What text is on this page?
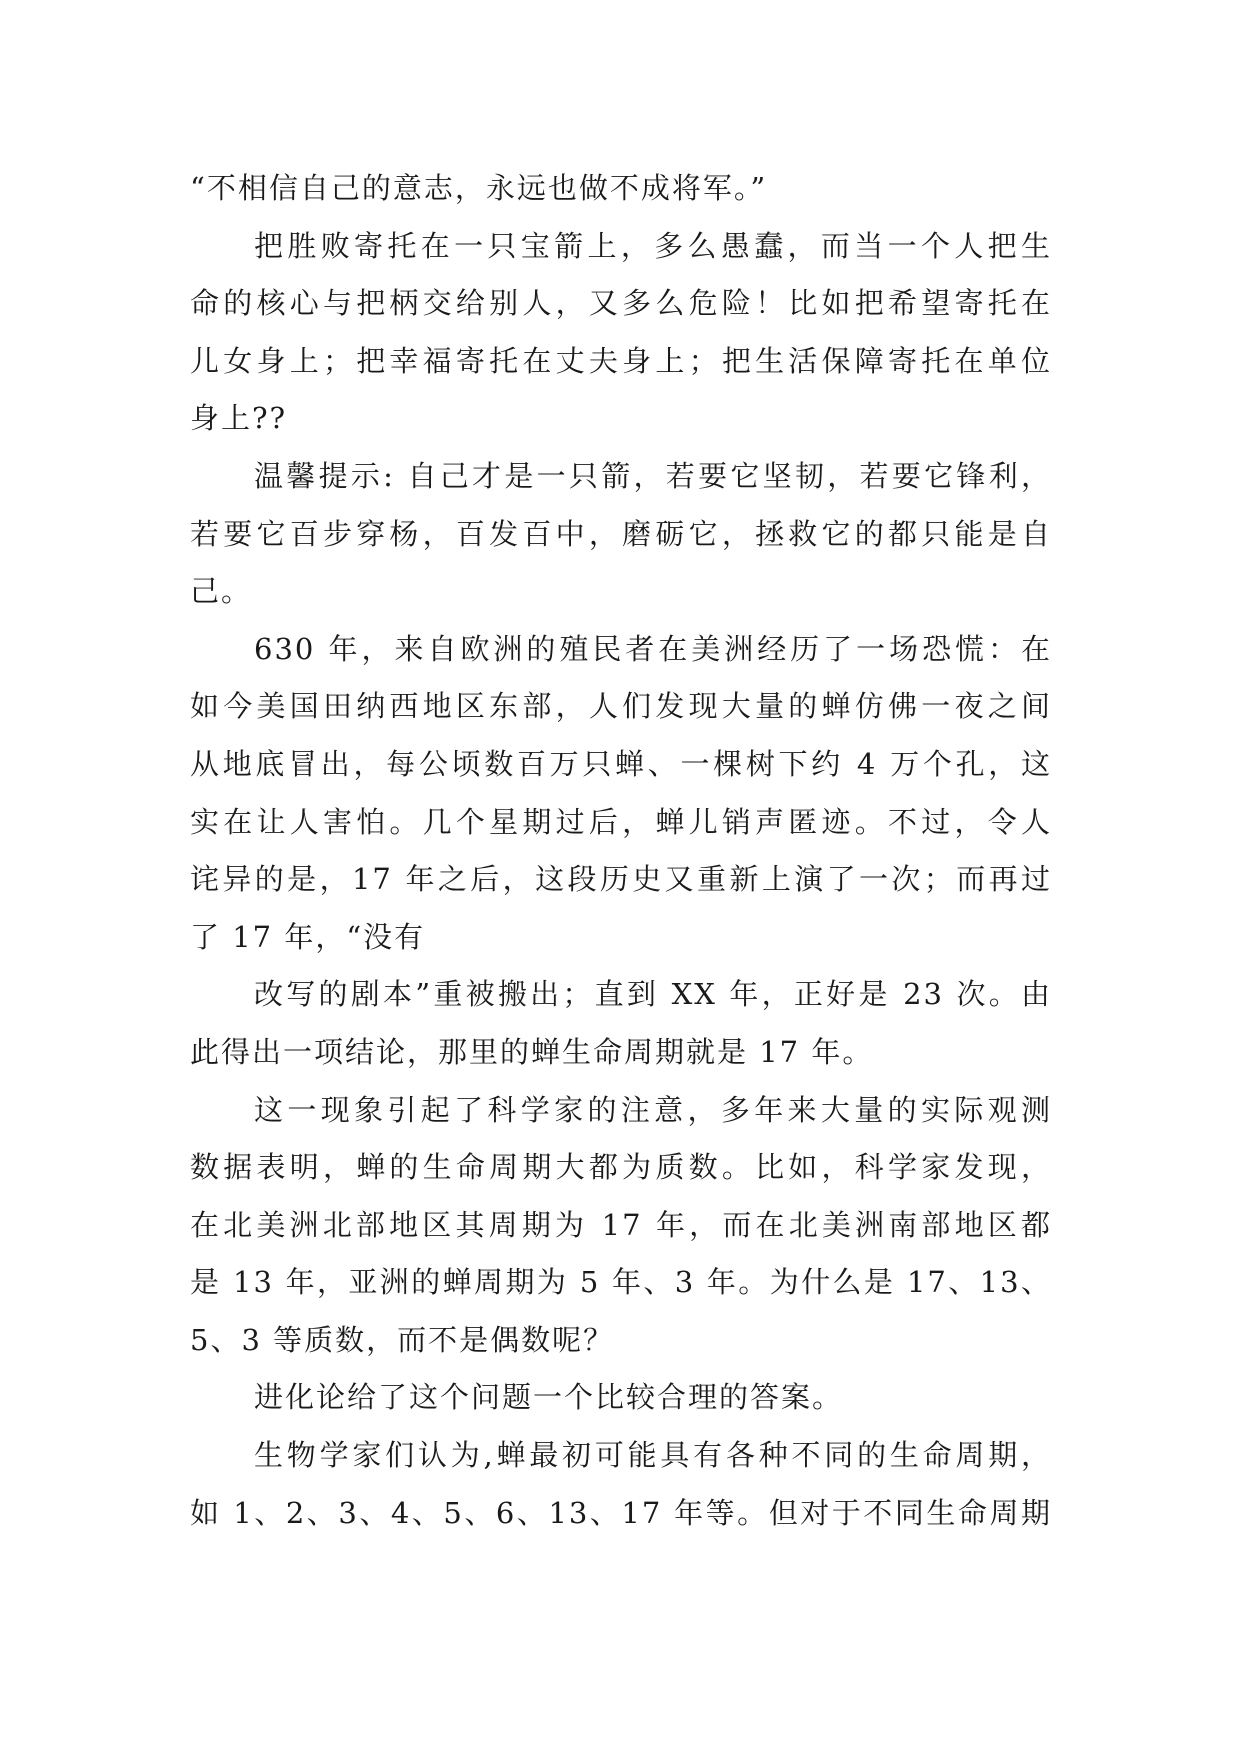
“不相信自己的意志，永远也做不成将军。”
把胜败寄托在一只宝箭上，多么愚蠢，而当一个人把生
命的核心与把柄交给别人，又多么危险！比如把希望寄托在
儿女身上；把幸福寄托在丈夫身上；把生活保障寄托在单位
身上??
温馨提示: 自己才是一只箭，若要它坚韧，若要它锋利，
若要它百步穿杨，百发百中，磨砺它，拯救它的都只能是自
己。
630 年，来自欧洲的殖民者在美洲经历了一场恐慌：在
如今美国田纳西地区东部，人们发现大量的蝉仿佛一夜之间
从地底冒出，每公顷数百万只蝉、一棵树下约 4 万个孔，这
实在让人害怕。几个星期过后，蝉儿销声匿迹。不过，令人
诧异的是，17 年之后，这段历史又重新上演了一次；而再过
了 17 年，“没有
改写的剧本”重被搬出；直到 XX 年，正好是 23 次。由
此得出一项结论，那里的蝉生命周期就是 17 年。
这一现象引起了科学家的注意，多年来大量的实际观测
数据表明，蝉的生命周期大都为质数。比如，科学家发现，
在北美洲北部地区其周期为 17 年，而在北美洲南部地区都
是 13 年，亚洲的蝉周期为 5 年、3 年。为什么是 17、13、
5、3 等质数，而不是偶数呢？
进化论给了这个问题一个比较合理的答案。
生物学家们认为,蝉最初可能具有各种不同的生命周期，
如 1、2、3、4、5、6、13、17 年等。但对于不同生命周期
